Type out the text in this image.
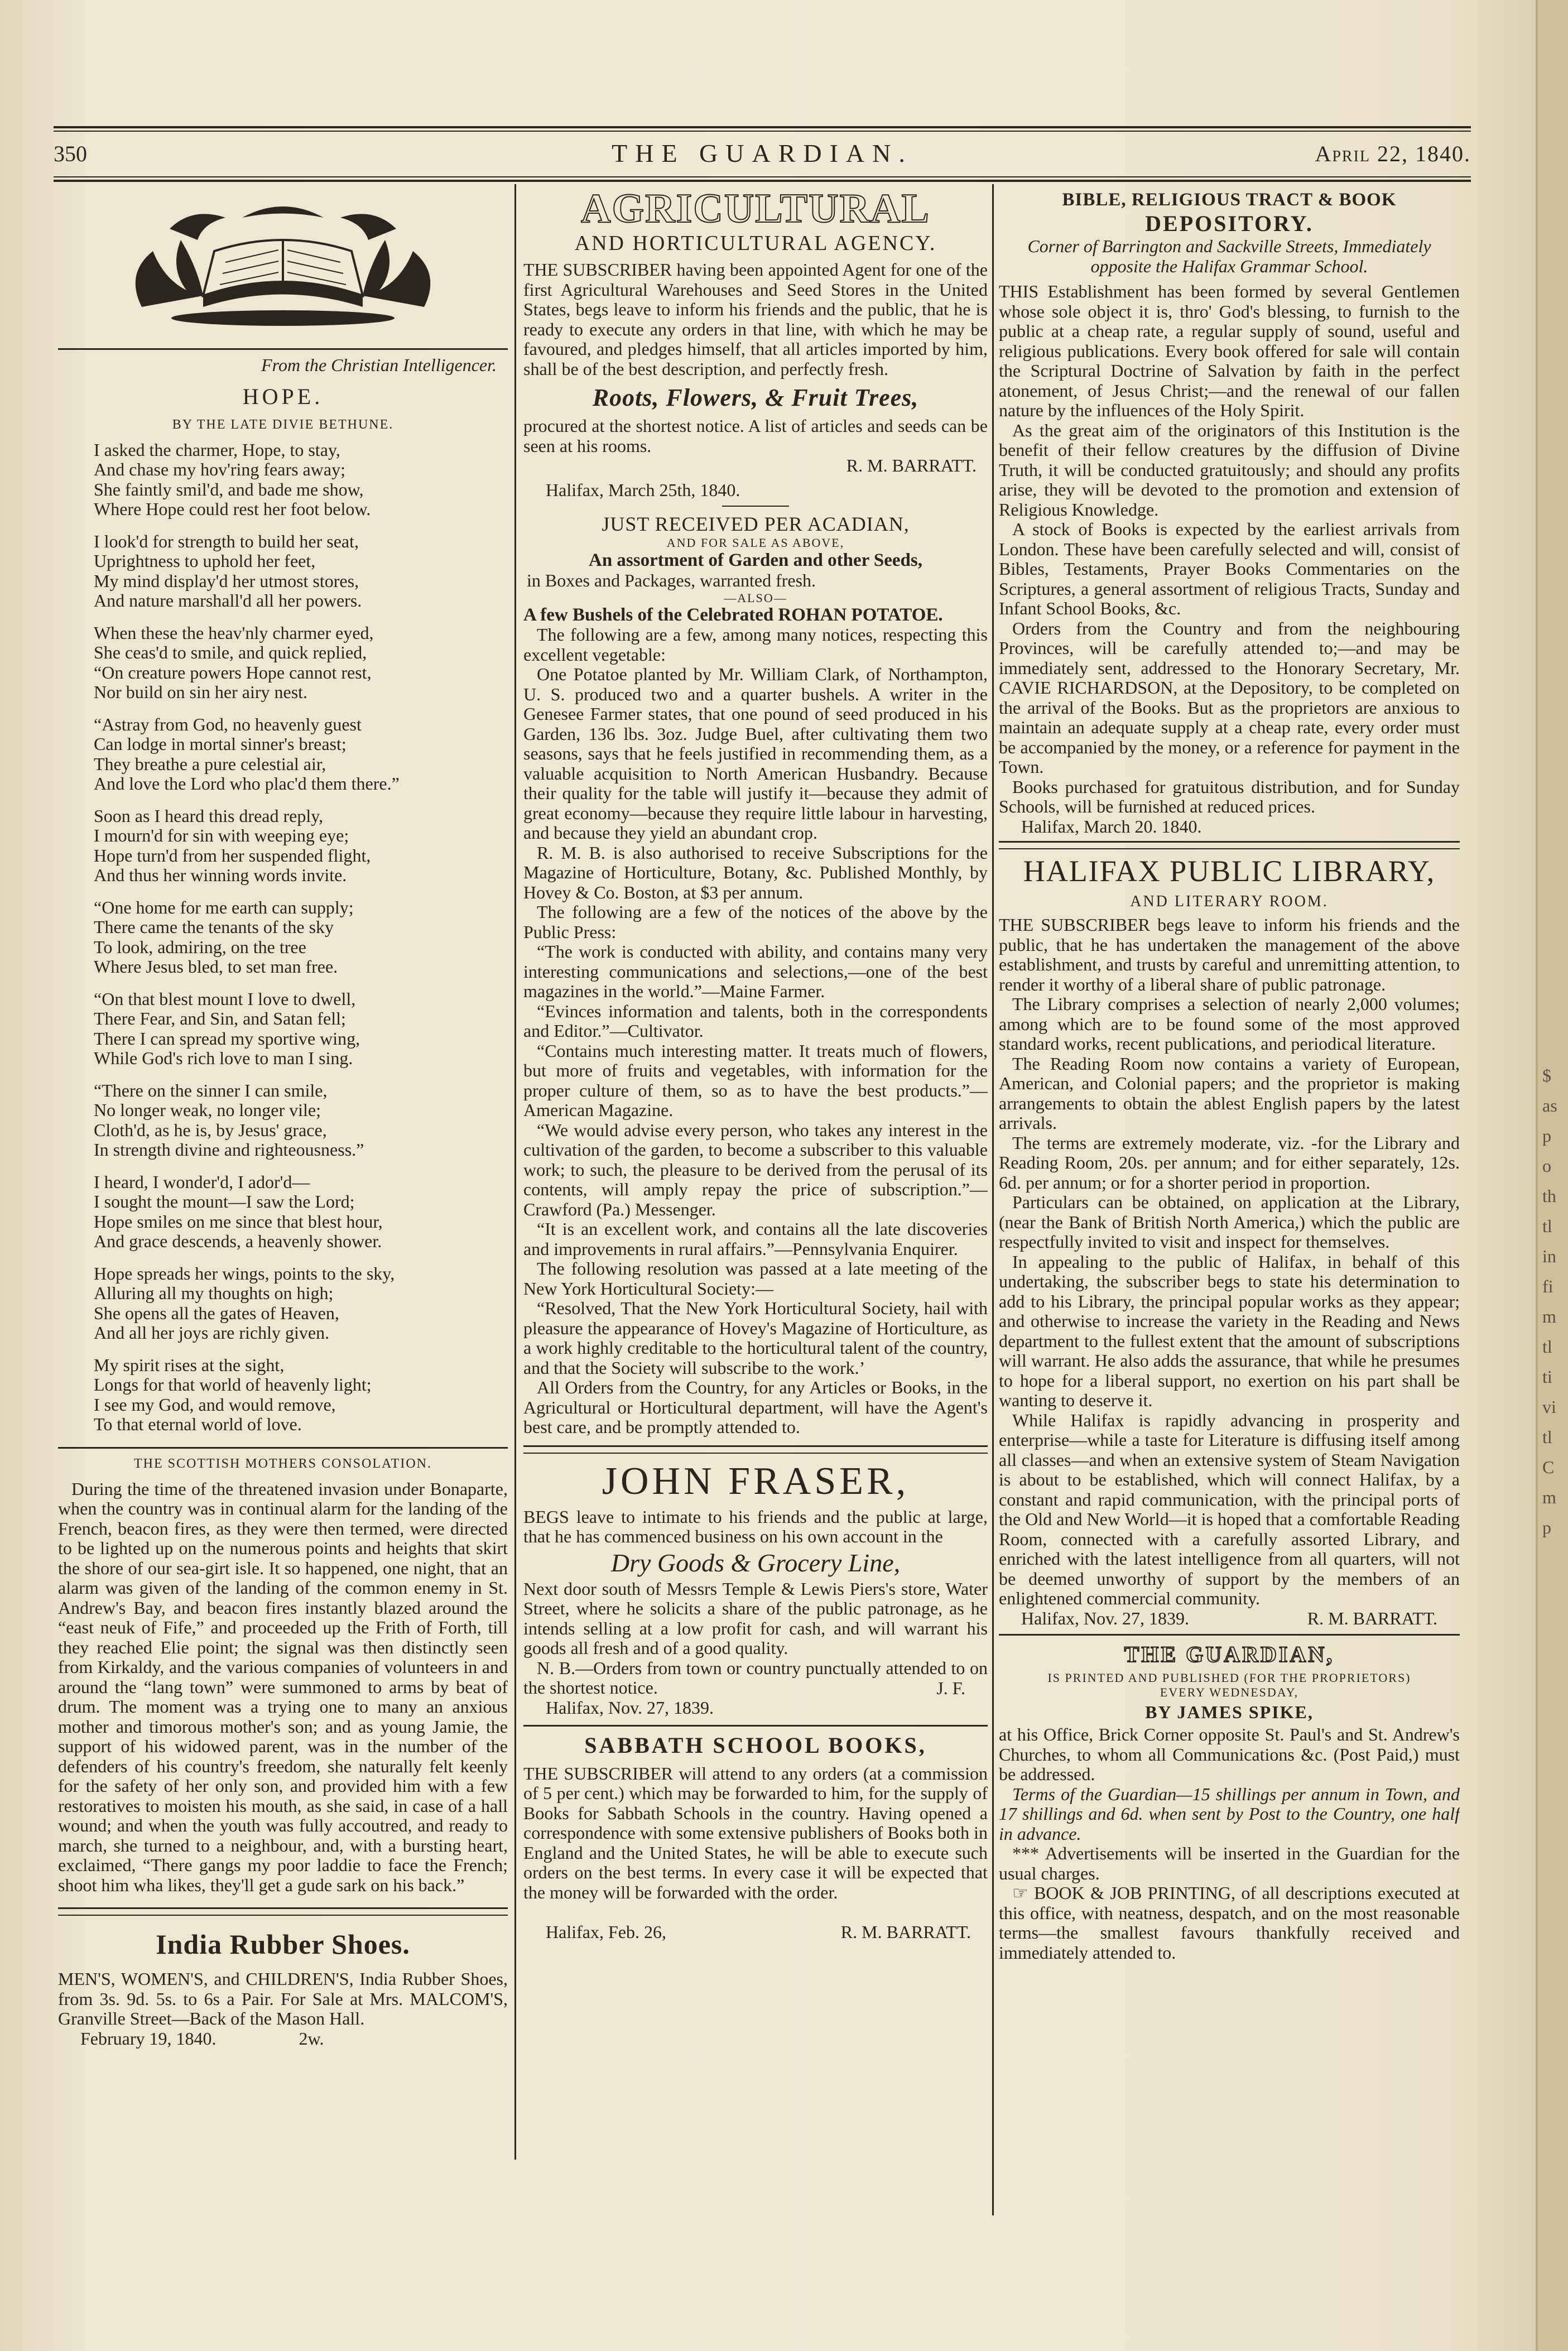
350	THE GUARDIAN.	April 22, 1840.
From the Christian Intelligencer.
HOPE.
BY THE LATE DIVIE BETHUNE.
I asked the charmer, Hope, to stay,
And chase my hov'ring fears away;
She faintly smil'd, and bade me show,
Where Hope could rest her foot below.
I look'd for strength to build her seat,
Uprightness to uphold her feet,
My mind display'd her utmost stores,
And nature marshall'd all her powers.
When these the heav'nly charmer eyed,
She ceas'd to smile, and quick replied,
“On creature powers Hope cannot rest,
Nor build on sin her airy nest.
“Astray from God, no heavenly guest
Can lodge in mortal sinner's breast;
They breathe a pure celestial air,
And love the Lord who plac'd them there.”
Soon as I heard this dread reply,
I mourn'd for sin with weeping eye;
Hope turn'd from her suspended flight,
And thus her winning words invite.
“One home for me earth can supply;
There came the tenants of the sky
To look, admiring, on the tree
Where Jesus bled, to set man free.
“On that blest mount I love to dwell,
There Fear, and Sin, and Satan fell;
There I can spread my sportive wing,
While God's rich love to man I sing.
“There on the sinner I can smile,
No longer weak, no longer vile;
Cloth'd, as he is, by Jesus' grace,
In strength divine and righteousness.”
I heard, I wonder'd, I ador'd—
I sought the mount—I saw the Lord;
Hope smiles on me since that blest hour,
And grace descends, a heavenly shower.
Hope spreads her wings, points to the sky,
Alluring all my thoughts on high;
She opens all the gates of Heaven,
And all her joys are richly given.
My spirit rises at the sight,
Longs for that world of heavenly light;
I see my God, and would remove,
To that eternal world of love.
THE SCOTTISH MOTHERS CONSOLATION.

During the time of the threatened invasion under Bonaparte, when the country was in continual alarm for the landing of the French, beacon fires, as they were then termed, were directed to be lighted up on the numerous points and heights that skirt the shore of our sea-girt isle. It so happened, one night, that an alarm was given of the landing of the common enemy in St. Andrew's Bay, and beacon fires instantly blazed around the “east neuk of Fife,” and proceeded up the Frith of Forth, till they reached Elie point; the signal was then distinctly seen from Kirkaldy, and the various companies of volunteers in and around the “lang town” were summoned to arms by beat of drum. The moment was a trying one to many an anxious mother and timorous mother's son; and as young Jamie, the support of his widowed parent, was in the number of the defenders of his country's freedom, she naturally felt keenly for the safety of her only son, and provided him with a few restoratives to moisten his mouth, as she said, in case of a hall wound; and when the youth was fully accoutred, and ready to march, she turned to a neighbour, and, with a bursting heart, exclaimed, “There gangs my poor laddie to face the French; shoot him wha likes, they'll get a gude sark on his back.”

India Rubber Shoes.

MEN'S, WOMEN'S, and CHILDREN'S, India Rubber Shoes, from 3s. 9d. 5s. to 6s a Pair. For Sale at Mrs. MALCOM'S, Granville Street—Back of the Mason Hall.

February 19, 1840.	2w.
AGRICULTURAL
AND HORTICULTURAL AGENCY.

THE SUBSCRIBER having been appointed Agent for one of the first Agricultural Warehouses and Seed Stores in the United States, begs leave to inform his friends and the public, that he is ready to execute any orders in that line, with which he may be favoured, and pledges himself, that all articles imported by him, shall be of the best description, and perfectly fresh.

Roots, Flowers, & Fruit Trees,

procured at the shortest notice. A list of articles and seeds can be seen at his rooms.

R. M. BARRATT.
Halifax, March 25th, 1840.
JUST RECEIVED PER ACADIAN,
AND FOR SALE AS ABOVE,
An assortment of Garden and other Seeds,
in Boxes and Packages, warranted fresh.
—ALSO—
A few Bushels of the Celebrated ROHAN POTATOE.

The following are a few, among many notices, respecting this excellent vegetable:

One Potatoe planted by Mr. William Clark, of Northampton, U. S. produced two and a quarter bushels. A writer in the Genesee Farmer states, that one pound of seed produced in his Garden, 136 lbs. 3oz. Judge Buel, after cultivating them two seasons, says that he feels justified in recommending them, as a valuable acquisition to North American Husbandry. Because their quality for the table will justify it—because they admit of great economy—because they require little labour in harvesting, and because they yield an abundant crop.

R. M. B. is also authorised to receive Subscriptions for the Magazine of Horticulture, Botany, &c. Published Monthly, by Hovey & Co. Boston, at $3 per annum.

The following are a few of the notices of the above by the Public Press:

“The work is conducted with ability, and contains many very interesting communications and selections,—one of the best magazines in the world.”—Maine Farmer.

“Evinces information and talents, both in the correspondents and Editor.”—Cultivator.

“Contains much interesting matter. It treats much of flowers, but more of fruits and vegetables, with information for the proper culture of them, so as to have the best products.”—American Magazine.

“We would advise every person, who takes any interest in the cultivation of the garden, to become a subscriber to this valuable work; to such, the pleasure to be derived from the perusal of its contents, will amply repay the price of subscription.”—Crawford (Pa.) Messenger.

“It is an excellent work, and contains all the late discoveries and improvements in rural affairs.”—Pennsylvania Enquirer.

The following resolution was passed at a late meeting of the New York Horticultural Society:—

“Resolved, That the New York Horticultural Society, hail with pleasure the appearance of Hovey's Magazine of Horticulture, as a work highly creditable to the horticultural talent of the country, and that the Society will subscribe to the work.’

All Orders from the Country, for any Articles or Books, in the Agricultural or Horticultural department, will have the Agent's best care, and be promptly attended to.

JOHN FRASER,

BEGS leave to intimate to his friends and the public at large, that he has commenced business on his own account in the

Dry Goods & Grocery Line,

Next door south of Messrs Temple & Lewis Piers's store, Water Street, where he solicits a share of the public patronage, as he intends selling at a low profit for cash, and will warrant his goods all fresh and of a good quality.

N. B.—Orders from town or country punctually attended to on the shortest notice.	J. F.
Halifax, Nov. 27, 1839.
SABBATH SCHOOL BOOKS,

THE SUBSCRIBER will attend to any orders (at a commission of 5 per cent.) which may be forwarded to him, for the supply of Books for Sabbath Schools in the country. Having opened a correspondence with some extensive publishers of Books both in England and the United States, he will be able to execute such orders on the best terms. In every case it will be expected that the money will be forwarded with the order.

Halifax, Feb. 26,	R. M. BARRATT.
BIBLE, RELIGIOUS TRACT & BOOK
DEPOSITORY.
Corner of Barrington and Sackville Streets, Immediately opposite the Halifax Grammar School.

THIS Establishment has been formed by several Gentlemen whose sole object it is, thro' God's blessing, to furnish to the public at a cheap rate, a regular supply of sound, useful and religious publications. Every book offered for sale will contain the Scriptural Doctrine of Salvation by faith in the perfect atonement, of Jesus Christ;—and the renewal of our fallen nature by the influences of the Holy Spirit.

As the great aim of the originators of this Institution is the benefit of their fellow creatures by the diffusion of Divine Truth, it will be conducted gratuitously; and should any profits arise, they will be devoted to the promotion and extension of Religious Knowledge.

A stock of Books is expected by the earliest arrivals from London. These have been carefully selected and will, consist of Bibles, Testaments, Prayer Books Commentaries on the Scriptures, a general assortment of religious Tracts, Sunday and Infant School Books, &c.

Orders from the Country and from the neighbouring Provinces, will be carefully attended to;—and may be immediately sent, addressed to the Honorary Secretary, Mr. CAVIE RICHARDSON, at the Depository, to be completed on the arrival of the Books. But as the proprietors are anxious to maintain an adequate supply at a cheap rate, every order must be accompanied by the money, or a reference for payment in the Town.

Books purchased for gratuitous distribution, and for Sunday Schools, will be furnished at reduced prices.

Halifax, March 20. 1840.
HALIFAX PUBLIC LIBRARY,
AND LITERARY ROOM.

THE SUBSCRIBER begs leave to inform his friends and the public, that he has undertaken the management of the above establishment, and trusts by careful and unremitting attention, to render it worthy of a liberal share of public patronage.

The Library comprises a selection of nearly 2,000 volumes; among which are to be found some of the most approved standard works, recent publications, and periodical literature.

The Reading Room now contains a variety of European, American, and Colonial papers; and the proprietor is making arrangements to obtain the ablest English papers by the latest arrivals.

The terms are extremely moderate, viz. -for the Library and Reading Room, 20s. per annum; and for either separately, 12s. 6d. per annum; or for a shorter period in proportion.

Particulars can be obtained, on application at the Library, (near the Bank of British North America,) which the public are respectfully invited to visit and inspect for themselves.

In appealing to the public of Halifax, in behalf of this undertaking, the subscriber begs to state his determination to add to his Library, the principal popular works as they appear; and otherwise to increase the variety in the Reading and News department to the fullest extent that the amount of subscriptions will warrant. He also adds the assurance, that while he presumes to hope for a liberal support, no exertion on his part shall be wanting to deserve it.

While Halifax is rapidly advancing in prosperity and enterprise—while a taste for Literature is diffusing itself among all classes—and when an extensive system of Steam Navigation is about to be established, which will connect Halifax, by a constant and rapid communication, with the principal ports of the Old and New World—it is hoped that a comfortable Reading Room, connected with a carefully assorted Library, and enriched with the latest intelligence from all quarters, will not be deemed unworthy of support by the members of an enlightened commercial community.

Halifax, Nov. 27, 1839.	R. M. BARRATT.
THE GUARDIAN,
IS PRINTED AND PUBLISHED (FOR THE PROPRIETORS)
EVERY WEDNESDAY,
BY JAMES SPIKE,

at his Office, Brick Corner opposite St. Paul's and St. Andrew's Churches, to whom all Communications &c. (Post Paid,) must be addressed.

Terms of the Guardian—15 shillings per annum in Town, and 17 shillings and 6d. when sent by Post to the Country, one half in advance.

*** Advertisements will be inserted in the Guardian for the usual charges.

☞ BOOK & JOB PRINTING, of all descriptions executed at this office, with neatness, despatch, and on the most reasonable terms—the smallest favours thankfully received and immediately attended to.

$
as
p
o
th
tl
in
fi
m
tl
ti
vi
tl
C
m
p
